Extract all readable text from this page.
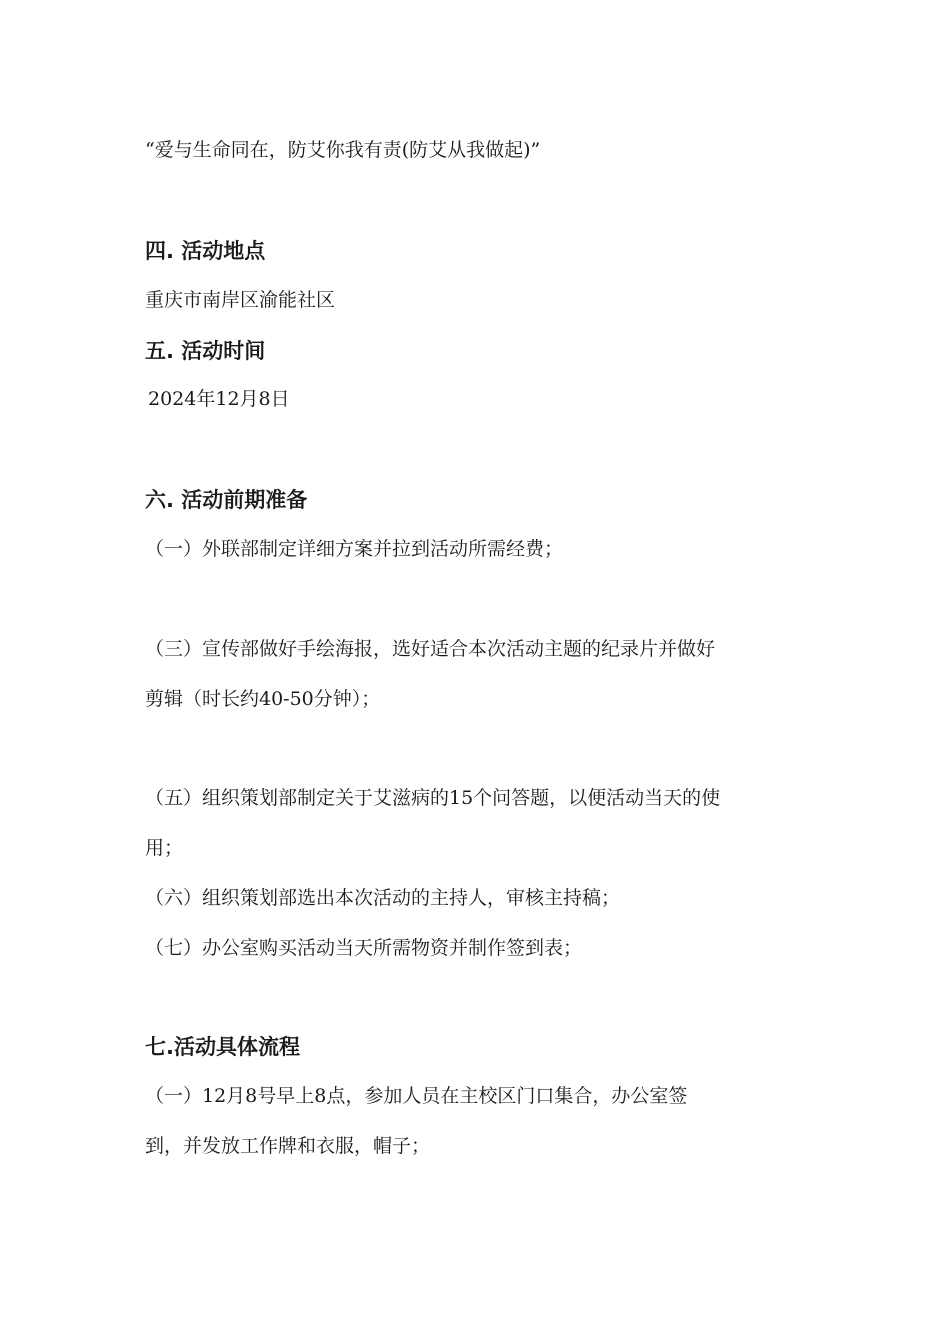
“爱与生命同在，防艾你我有责(防艾从我做起)”
四. 活动地点
重庆市南岸区渝能社区
五. 活动时间
2024年12月8日
六. 活动前期准备
（一）外联部制定详细方案并拉到活动所需经费；
（三）宣传部做好手绘海报，选好适合本次活动主题的纪录片并做好
剪辑（时长约40-50分钟）；
（五）组织策划部制定关于艾滋病的15个问答题，以便活动当天的使
用；
（六）组织策划部选出本次活动的主持人，审核主持稿；
（七）办公室购买活动当天所需物资并制作签到表；
七.活动具体流程
（一）12月8号早上8点，参加人员在主校区门口集合，办公室签
到，并发放工作牌和衣服，帽子；
